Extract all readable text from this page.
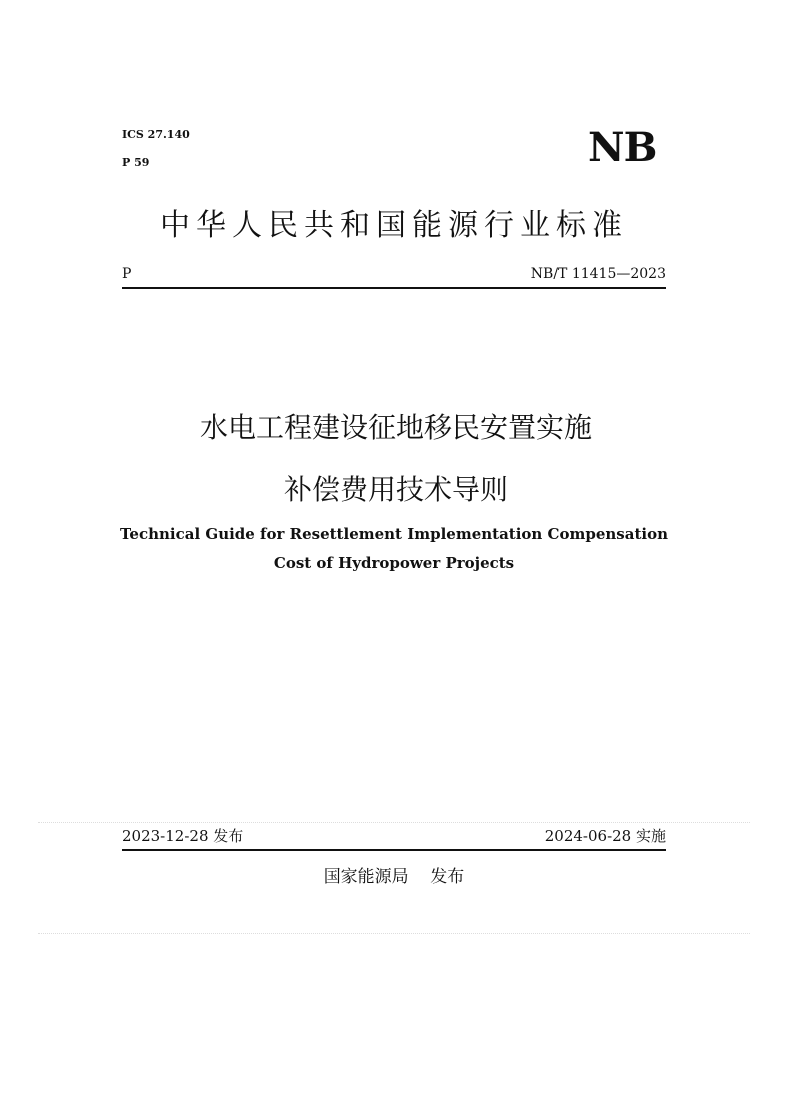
ICS 27.140
P 59	NB
中华人民共和国能源行业标准
P	NB/T 11415—2023
水电工程建设征地移民安置实施
补偿费用技术导则
Technical Guide for Resettlement Implementation Compensation
Cost of Hydropower Projects
2023-12-28 发布	2024-06-28 实施
国家能源局    发布
